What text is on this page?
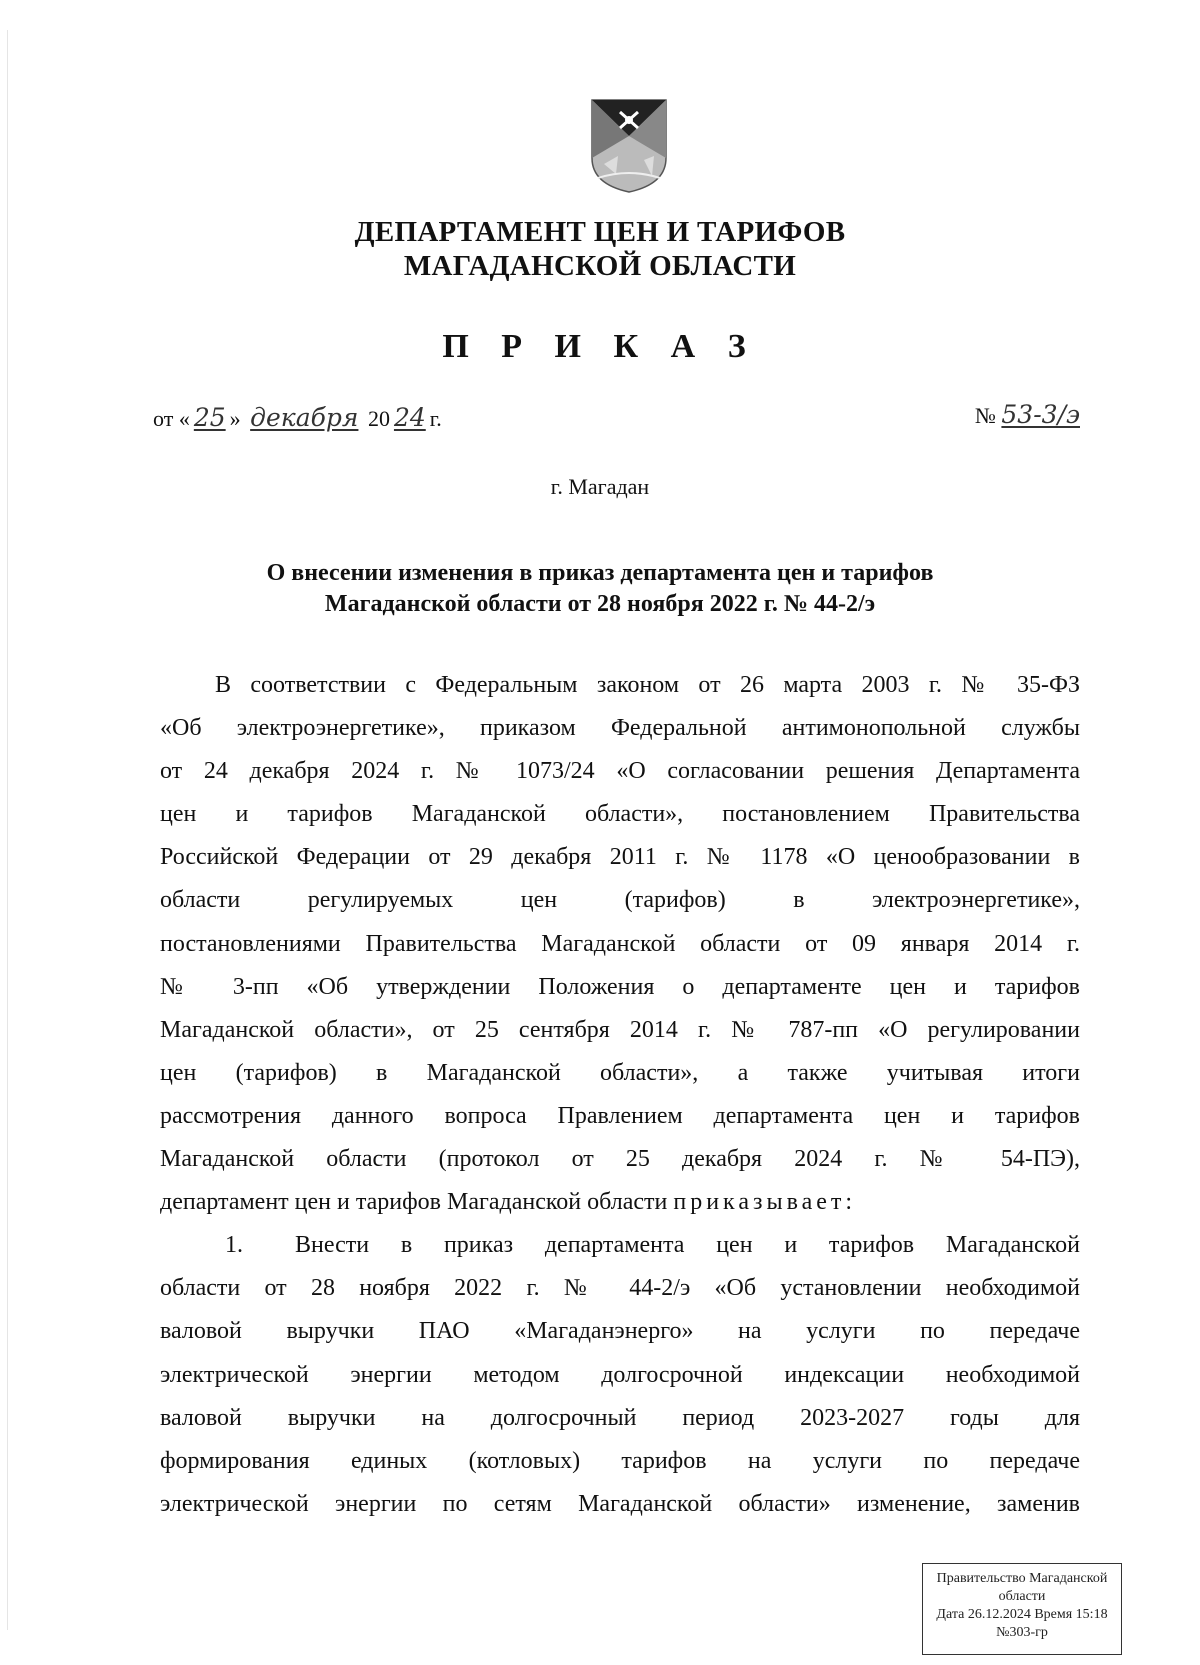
ДЕПАРТАМЕНТ ЦЕН И ТАРИФОВ
МАГАДАНСКОЙ ОБЛАСТИ
П Р И К А З
от « 25 » декабря 20 24 г.	№ 53-3/э
г. Магадан
О внесении изменения в приказ департамента цен и тарифов
Магаданской области от 28 ноября 2022 г. № 44-2/э
В соответствии с Федеральным законом от 26 марта 2003 г. № 35-ФЗ
«Об электроэнергетике», приказом Федеральной антимонопольной службы
от 24 декабря 2024 г. № 1073/24 «О согласовании решения Департамента
цен и тарифов Магаданской области», постановлением Правительства
Российской Федерации от 29 декабря 2011 г. № 1178 «О ценообразовании в
области регулируемых цен (тарифов) в электроэнергетике»,
постановлениями Правительства Магаданской области от 09 января 2014 г.
№ 3-пп «Об утверждении Положения о департаменте цен и тарифов
Магаданской области», от 25 сентября 2014 г. № 787-пп «О регулировании
цен (тарифов) в Магаданской области», а также учитывая итоги
рассмотрения данного вопроса Правлением департамента цен и тарифов
Магаданской области (протокол от 25 декабря 2024 г. № 54-ПЭ),
департамент цен и тарифов Магаданской области приказывает:
1. Внести в приказ департамента цен и тарифов Магаданской
области от 28 ноября 2022 г. № 44-2/э «Об установлении необходимой
валовой выручки ПАО «Магаданэнерго» на услуги по передаче
электрической энергии методом долгосрочной индексации необходимой
валовой выручки на долгосрочный период 2023-2027 годы для
формирования единых (котловых) тарифов на услуги по передаче
электрической энергии по сетям Магаданской области» изменение, заменив
Правительство Магаданской
области
Дата 26.12.2024 Время 15:18
№303-гр
